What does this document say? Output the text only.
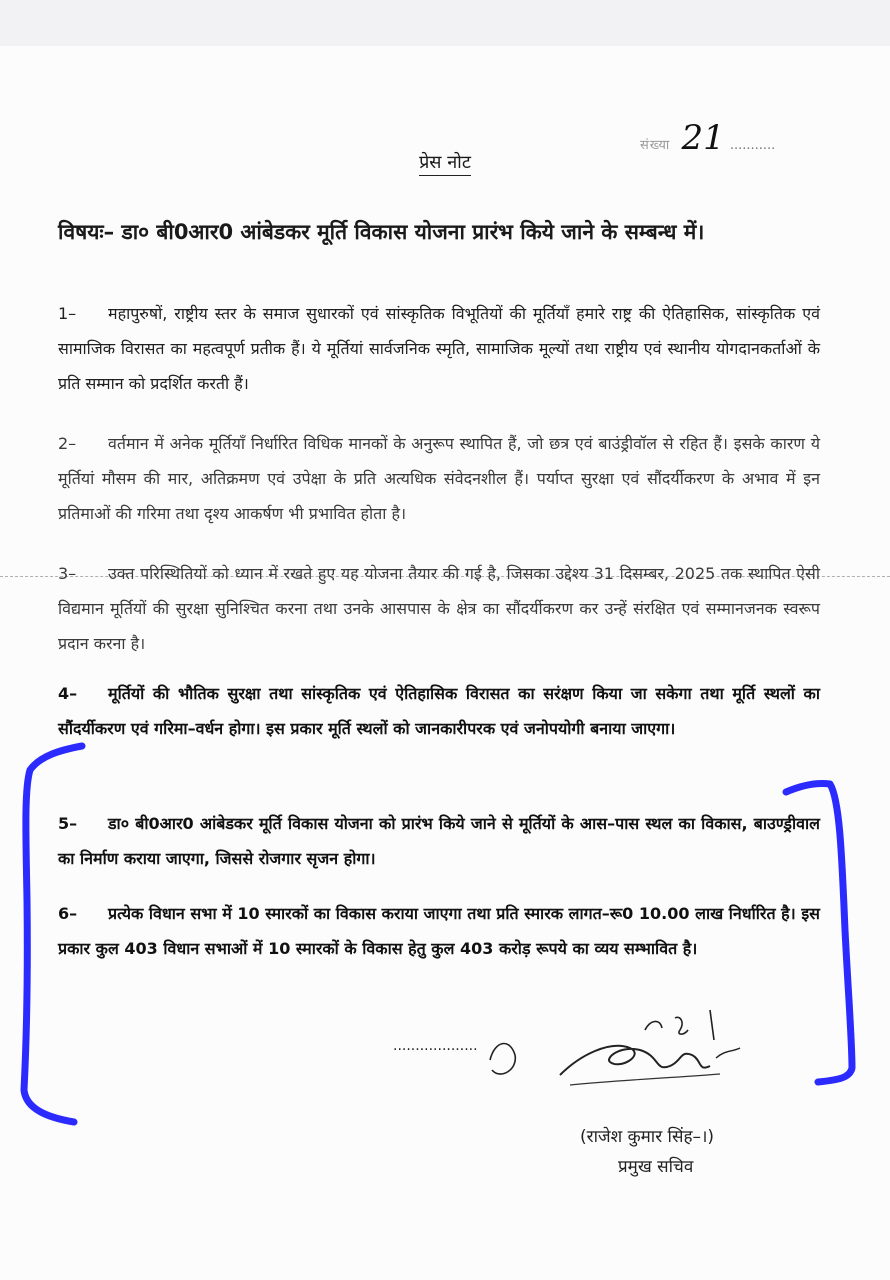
संख्या 21 ...........
प्रेस नोट
विषयः– डा० बी0आर0 आंबेडकर मूर्ति विकास योजना प्रारंभ किये जाने के सम्बन्ध में।
1– महापुरुषों, राष्ट्रीय स्तर के समाज सुधारकों एवं सांस्कृतिक विभूतियों की मूर्तियाँ हमारे राष्ट्र की ऐतिहासिक, सांस्कृतिक एवं सामाजिक विरासत का महत्वपूर्ण प्रतीक हैं। ये मूर्तियां सार्वजनिक स्मृति, सामाजिक मूल्यों तथा राष्ट्रीय एवं स्थानीय योगदानकर्ताओं के प्रति सम्मान को प्रदर्शित करती हैं।
2– वर्तमान में अनेक मूर्तियाँ निर्धारित विधिक मानकों के अनुरूप स्थापित हैं, जो छत्र एवं बाउंड्रीवॉल से रहित हैं। इसके कारण ये मूर्तियां मौसम की मार, अतिक्रमण एवं उपेक्षा के प्रति अत्यधिक संवेदनशील हैं। पर्याप्त सुरक्षा एवं सौंदर्यीकरण के अभाव में इन प्रतिमाओं की गरिमा तथा दृश्य आकर्षण भी प्रभावित होता है।
3– उक्त परिस्थितियों को ध्यान में रखते हुए यह योजना तैयार की गई है, जिसका उद्देश्य 31 दिसम्बर, 2025 तक स्थापित ऐसी विद्यमान मूर्तियों की सुरक्षा सुनिश्चित करना तथा उनके आसपास के क्षेत्र का सौंदर्यीकरण कर उन्हें संरक्षित एवं सम्मानजनक स्वरूप प्रदान करना है।
4– मूर्तियों की भौतिक सुरक्षा तथा सांस्कृतिक एवं ऐतिहासिक विरासत का सरंक्षण किया जा सकेगा तथा मूर्ति स्थलों का सौंदर्यीकरण एवं गरिमा–वर्धन होगा। इस प्रकार मूर्ति स्थलों को जानकारीपरक एवं जनोपयोगी बनाया जाएगा।
5– डा० बी0आर0 आंबेडकर मूर्ति विकास योजना को प्रारंभ किये जाने से मूर्तियों के आस–पास स्थल का विकास, बाउण्ड्रीवाल का निर्माण कराया जाएगा, जिससे रोजगार सृजन होगा।
6– प्रत्येक विधान सभा में 10 स्मारकों का विकास कराया जाएगा तथा प्रति स्मारक लागत–रू0 10.00 लाख निर्धारित है। इस प्रकार कुल 403 विधान सभाओं में 10 स्मारकों के विकास हेतु कुल 403 करोड़ रूपये का व्यय सम्भावित है।
...................
(राजेश कुमार सिंह–।)
प्रमुख सचिव
